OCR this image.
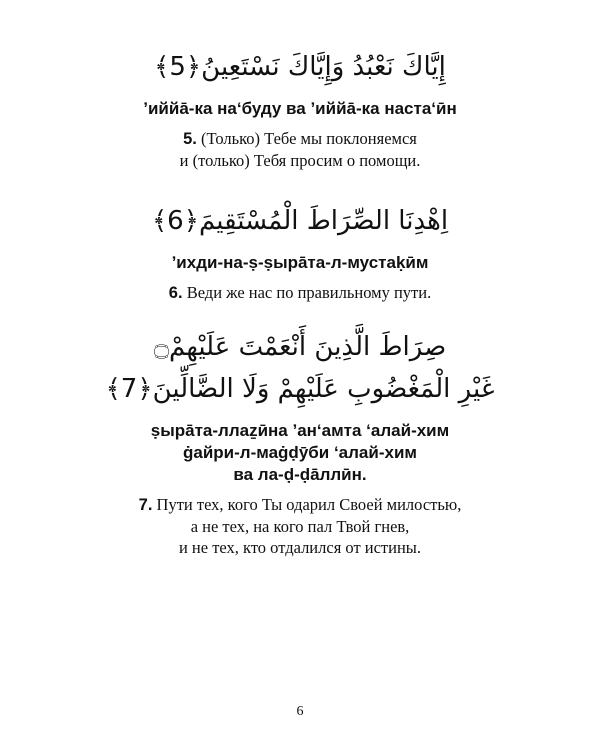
إِيَّاكَ نَعْبُدُ وَإِيَّاكَ نَسْتَعِينُ﴿5﴾
ʼиййа̄-ка на‘буду ва ʼиййа̄-ка наста‘ӣн
5. (Только) Тебе мы поклоняемся
и (только) Тебя просим о помощи.
اِهْدِنَا الصِّرَاطَ الْمُسْتَقِيمَ﴿6﴾
ʼихди-на-ṣ-ṣыра̄та-л-мустаḳӣм
6. Веди же нас по правильному пути.
صِرَاطَ الَّذِينَ أَنْعَمْتَ عَلَيْهِمْ۝
غَيْرِ الْمَغْضُوبِ عَلَيْهِمْ وَلَا الضَّالِّينَ﴿7﴾
ṣыра̄та-ллаẕӣна ʼан‘амта ‘алай-хим
ġайри-л-маġḍӯби ‘алай-хим
ва ла-ḍ-ḍа̄ллӣн.
7. Пути тех, кого Ты одарил Своей милостью,
а не тех, на кого пал Твой гнев,
и не тех, кто отдалился от истины.
6
